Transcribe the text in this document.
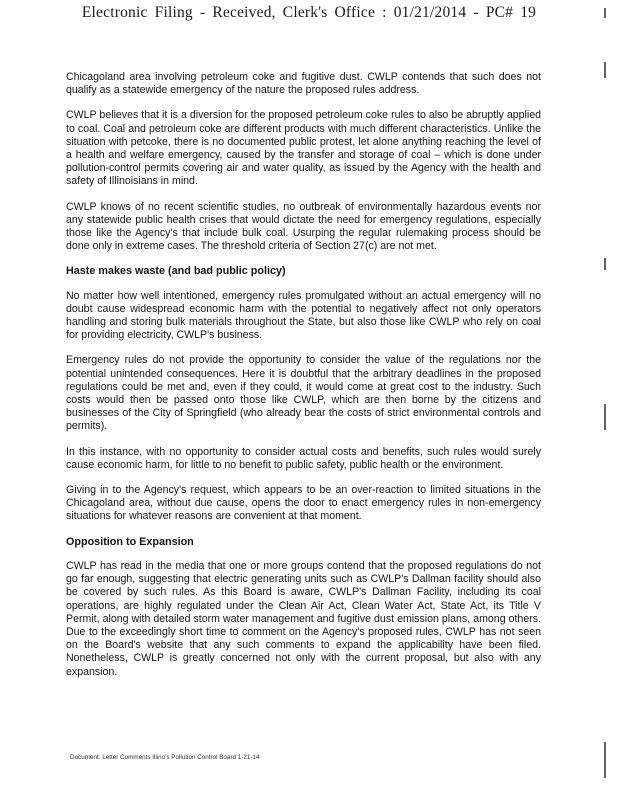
Electronic Filing - Received, Clerk's Office : 01/21/2014 - PC# 19

Chicagoland area involving petroleum coke and fugitive dust. CWLP contends that such does not qualify as a statewide emergency of the nature the proposed rules address.

CWLP believes that it is a diversion for the proposed petroleum coke rules to also be abruptly applied to coal. Coal and petroleum coke are different products with much different characteristics. Unlike the situation with petcoke, there is no documented public protest, let alone anything reaching the level of a health and welfare emergency, caused by the transfer and storage of coal – which is done under pollution-control permits covering air and water quality, as issued by the Agency with the health and safety of Illinoisians in mind.

CWLP knows of no recent scientific studies, no outbreak of environmentally hazardous events nor any statewide public health crises that would dictate the need for emergency regulations, especially those like the Agency's that include bulk coal. Usurping the regular rulemaking process should be done only in extreme cases. The threshold criteria of Section 27(c) are not met.

Haste makes waste (and bad public policy)

No matter how well intentioned, emergency rules promulgated without an actual emergency will no doubt cause widespread economic harm with the potential to negatively affect not only operators handling and storing bulk materials throughout the State, but also those like CWLP who rely on coal for providing electricity, CWLP's business.

Emergency rules do not provide the opportunity to consider the value of the regulations nor the potential unintended consequences. Here it is doubtful that the arbitrary deadlines in the proposed regulations could be met and, even if they could, it would come at great cost to the industry. Such costs would then be passed onto those like CWLP, which are then borne by the citizens and businesses of the City of Springfield (who already bear the costs of strict environmental controls and permits).

In this instance, with no opportunity to consider actual costs and benefits, such rules would surely cause economic harm, for little to no benefit to public safety, public health or the environment.

Giving in to the Agency's request, which appears to be an over-reaction to limited situations in the Chicagoland area, without due cause, opens the door to enact emergency rules in non-emergency situations for whatever reasons are convenient at that moment.

Opposition to Expansion

CWLP has read in the media that one or more groups contend that the proposed regulations do not go far enough, suggesting that electric generating units such as CWLP's Dallman facility should also be covered by such rules. As this Board is aware, CWLP's Dallman Facility, including its coal operations, are highly regulated under the Clean Air Act, Clean Water Act, State Act, its Title V Permit, along with detailed storm water management and fugitive dust emission plans, among others. Due to the exceedingly short time to comment on the Agency's proposed rules, CWLP has not seen on the Board's website that any such comments to expand the applicability have been filed. Nonetheless, CWLP is greatly concerned not only with the current proposal, but also with any expansion.

Document: Letter Comments Illino's Pollution Control Board 1-21-14
